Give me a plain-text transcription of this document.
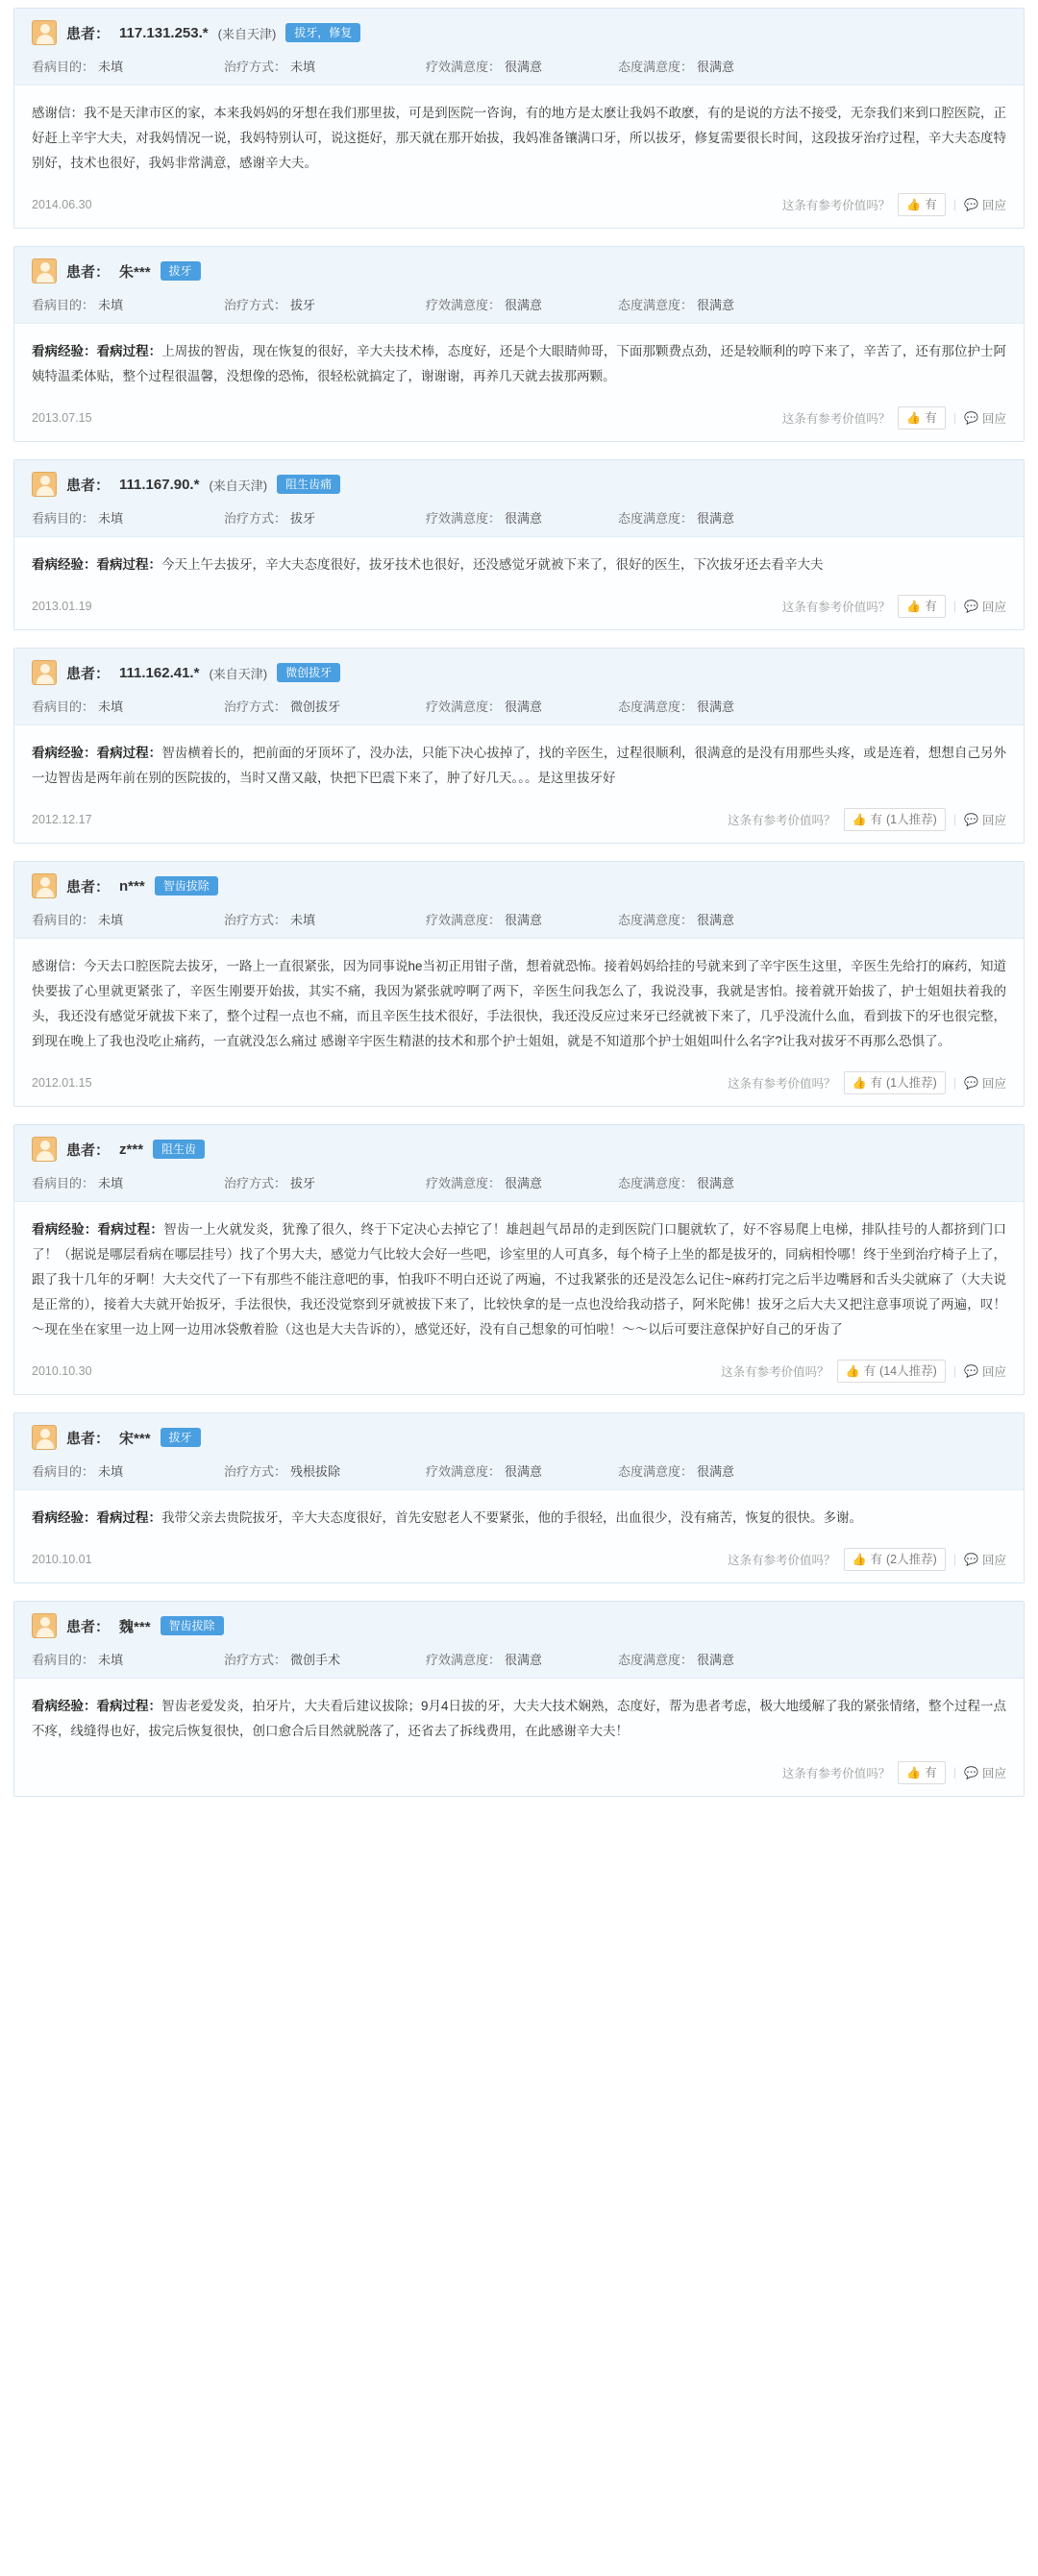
患者： 117.131.253.* (来自天津)	拔牙，修复
看病目的： 未填	治疗方式： 未填	疗效满意度： 很满意	态度满意度： 很满意
感谢信：我不是天津市区的家，本来我妈妈的牙想在我们那里拔，可是到医院一咨询，有的地方是太麽让我妈不敢麽，有的是说的方法不接受，无奈我们来到口腔医院，正好赶上辛宇大夫，对我妈情况一说，我妈特别认可，说这挺好，那天就在那开始拔，我妈准备镶满口牙，所以拔牙，修复需要很长时间，这段拔牙治疗过程，辛大夫态度特别好，技术也很好，我妈非常满意，感谢辛大夫。
2014.06.30	这条有参考价值吗？ 👍 有 | 💬 回应
患者： 朱***	拔牙
看病目的： 未填	治疗方式： 拔牙	疗效满意度： 很满意	态度满意度： 很满意
看病经验：看病过程：上周拔的智齿，现在恢复的很好，辛大夫技术棒，态度好，还是个大眼睛帅哥，下面那颗费点劲，还是较顺利的哼下来了，辛苦了，还有那位护士阿姨特温柔体贴，整个过程很温馨，没想像的恐怖，很轻松就搞定了，谢谢谢，再养几天就去拔那两颗。
2013.07.15	这条有参考价值吗？ 👍 有 | 💬 回应
患者： 111.167.90.* (来自天津)	阻生齿痛
看病目的： 未填	治疗方式： 拔牙	疗效满意度： 很满意	态度满意度： 很满意
看病经验：看病过程：今天上午去拔牙，辛大夫态度很好，拔牙技术也很好，还没感觉牙就被下来了，很好的医生，下次拔牙还去看辛大夫
2013.01.19	这条有参考价值吗？ 👍 有 | 💬 回应
患者： 111.162.41.* (来自天津)	微创拔牙
看病目的： 未填	治疗方式： 微创拔牙	疗效满意度： 很满意	态度满意度： 很满意
看病经验：看病过程：智齿横着长的，把前面的牙顶坏了，没办法，只能下决心拔掉了，找的辛医生，过程很顺利，很满意的是没有用那些头疼，或是连着，想想自己另外一边智齿是两年前在别的医院拔的，当时又凿又敲，快把下巴震下来了，肿了好几天。。。是这里拔牙好
2012.12.17	这条有参考价值吗？ 👍 有 (1人推荐) | 💬 回应
患者： n***	智齿拔除
看病目的： 未填	治疗方式： 未填	疗效满意度： 很满意	态度满意度： 很满意
感谢信：今天去口腔医院去拔牙，一路上一直很紧张，因为同事说he当初正用钳子凿，想着就恐怖。接着妈妈给挂的号就来到了辛宇医生这里，辛医生先给打的麻药，知道快要拔了心里就更紧张了，辛医生刚要开始拔，其实不痛，我因为紧张就哼啊了两下，辛医生问我怎么了，我说没事，我就是害怕。接着就开始拔了，护士姐姐扶着我的头，我还没有感觉牙就拔下来了，整个过程一点也不痛，而且辛医生技术很好，手法很快，我还没反应过来牙已经就被下来了，几乎没流什么血，看到拔下的牙也很完整，到现在晚上了我也没吃止痛药，一直就没怎么痛过 感谢辛宇医生精湛的技术和那个护士姐姐，就是不知道那个护士姐姐叫什么名字?让我对拔牙不再那么恐惧了。
2012.01.15	这条有参考价值吗？ 👍 有 (1人推荐) | 💬 回应
患者： z***	阻生齿
看病目的： 未填	治疗方式： 拔牙	疗效满意度： 很满意	态度满意度： 很满意
看病经验：看病过程：智齿一上火就发炎，犹豫了很久，终于下定决心去掉它了！雄赳赳气昂昂的走到医院门口腿就软了，好不容易爬上电梯，排队挂号的人都挤到门口了！（据说是哪层看病在哪层挂号）找了个男大夫，感觉力气比较大会好一些吧，诊室里的人可真多，每个椅子上坐的都是拔牙的，同病相怜哪！终于坐到治疗椅子上了，跟了我十几年的牙啊！大夫交代了一下有那些不能注意吧的事，怕我吓不明白还说了两遍，不过我紧张的还是没怎么记住~麻药打完之后半边嘴唇和舌头尖就麻了（大夫说是正常的），接着大夫就开始扳牙，手法很快，我还没觉察到牙就被拔下来了，比较快拿的是一点也没给我动搭子，阿米陀佛！拔牙之后大夫又把注意事项说了两遍，叹！～现在坐在家里一边上网一边用冰袋敷着脸（这也是大夫告诉的），感觉还好，没有自己想象的可怕啦！～～以后可要注意保护好自己的牙齿了
2010.10.30	这条有参考价值吗？ 👍 有 (14人推荐) | 💬 回应
患者： 宋***	拔牙
看病目的： 未填	治疗方式： 残根拔除	疗效满意度： 很满意	态度满意度： 很满意
看病经验：看病过程：我带父亲去贵院拔牙，辛大夫态度很好，首先安慰老人不要紧张，他的手很轻，出血很少，没有痛苦，恢复的很快。多谢。
2010.10.01	这条有参考价值吗？ 👍 有 (2人推荐) | 💬 回应
患者： 魏***	智齿拔除
看病目的： 未填	治疗方式： 微创手术	疗效满意度： 很满意	态度满意度： 很满意
看病经验：看病过程：智齿老爱发炎，拍牙片，大夫看后建议拔除；9月4日拔的牙，大夫大技术娴熟，态度好，帮为患者考虑，极大地缓解了我的紧张情绪，整个过程一点不疼，线缝得也好，拔完后恢复很快，创口愈合后目然就脱落了，还省去了拆线费用，在此感谢辛大夫！
这条有参考价值吗？ 👍 有 | 💬 回应
